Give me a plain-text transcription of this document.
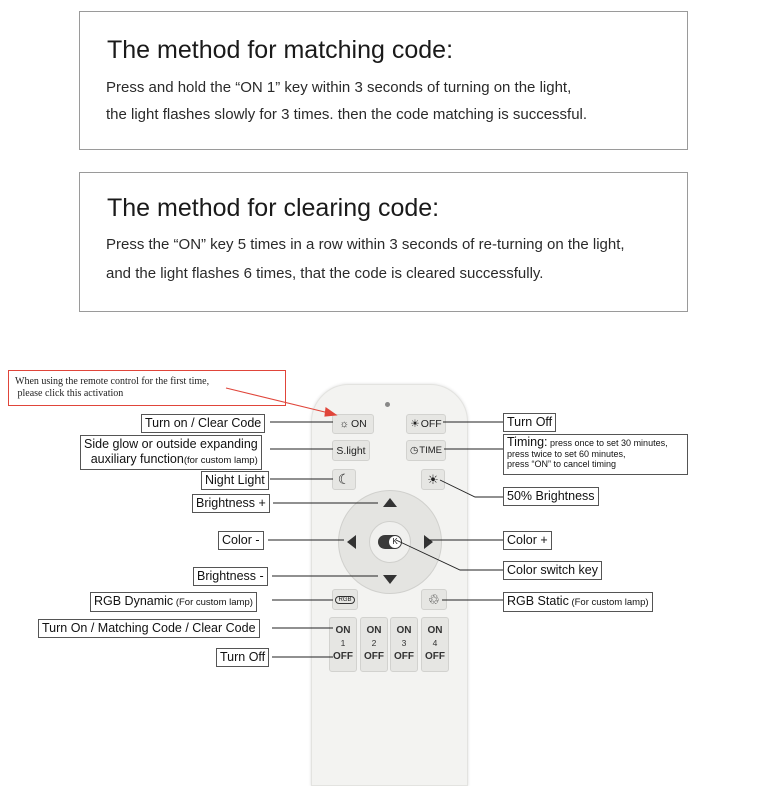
The method for matching code:

Press and hold the “ON 1” key within 3 seconds of turning on the light,

the light flashes slowly for 3 times. then the code matching is successful.

The method for clearing code:

Press the “ON” key 5 times in a row within 3 seconds of re-turning on the light,

and the light flashes 6 times, that the code is cleared successfully.

When using the remote control for the first time,
please click this activation
☼ ON	☀ OFF
S.light	◷ TIME
☾	☀
K
RGB	♲
ON
1
OFF
ON
2
OFF
ON
3
OFF
ON
4
OFF
Turn on / Clear Code
Side glow or outside expanding
auxiliary function(for custom lamp)
Night Light
Brightness +
Color -
Brightness -
RGB Dynamic (For custom lamp)
Turn On / Matching Code / Clear Code
Turn Off
Turn Off
Timing: press once to set 30 minutes,
press twice to set 60 minutes,
press “ON” to cancel timing
50% Brightness
Color +
Color switch key
RGB Static (For custom lamp)
